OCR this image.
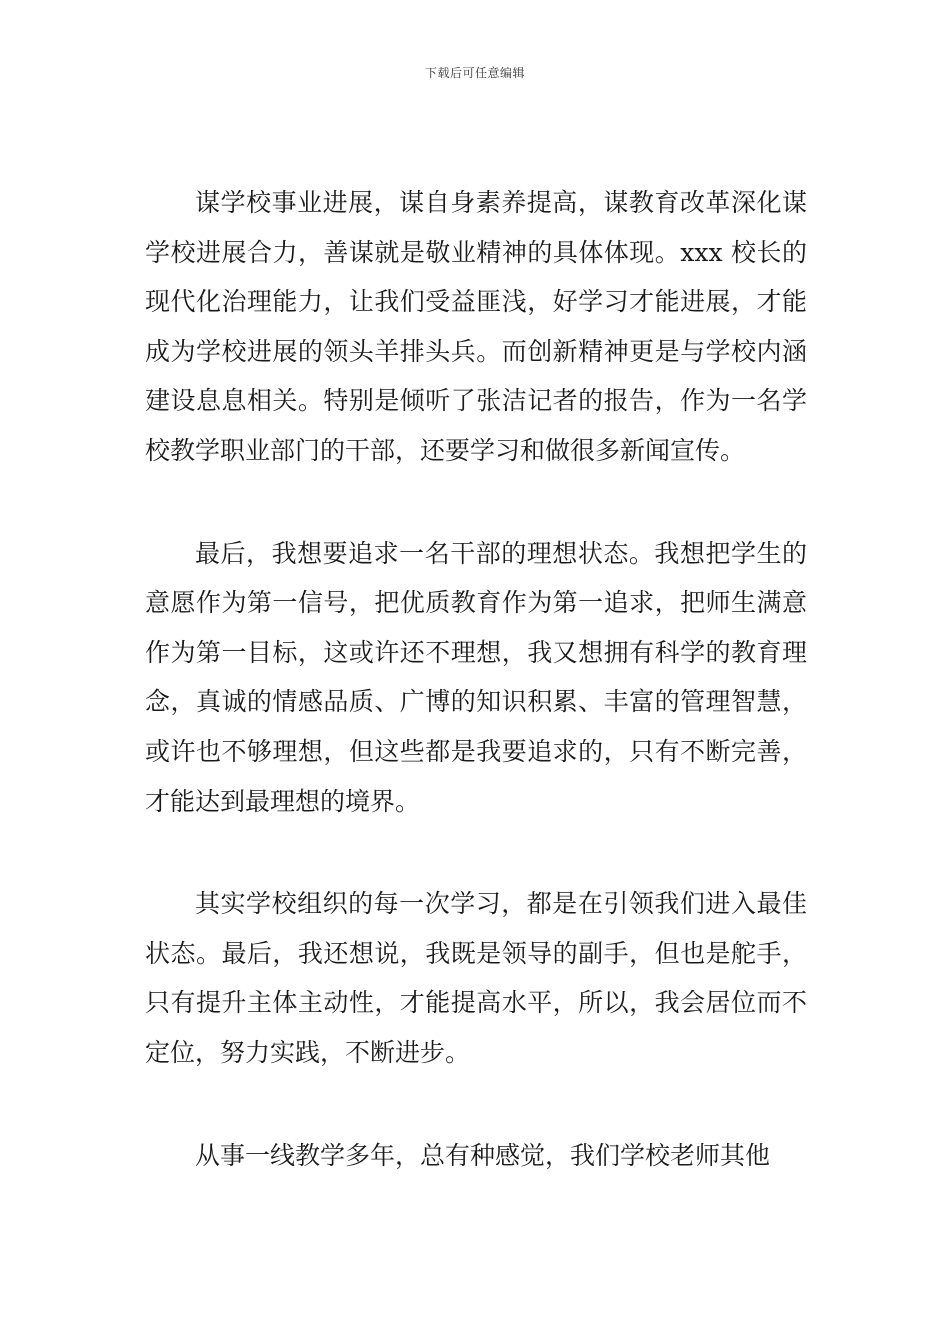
下载后可任意编辑

谋学校事业进展，谋自身素养提高，谋教育改革深化谋学校进展合力，善谋就是敬业精神的具体体现。xxx 校长的现代化治理能力，让我们受益匪浅，好学习才能进展，才能成为学校进展的领头羊排头兵。而创新精神更是与学校内涵建设息息相关。特别是倾听了张洁记者的报告，作为一名学校教学职业部门的干部，还要学习和做很多新闻宣传。

最后，我想要追求一名干部的理想状态。我想把学生的意愿作为第一信号，把优质教育作为第一追求，把师生满意作为第一目标，这或许还不理想，我又想拥有科学的教育理念，真诚的情感品质、广博的知识积累、丰富的管理智慧，或许也不够理想，但这些都是我要追求的，只有不断完善，才能达到最理想的境界。

其实学校组织的每一次学习，都是在引领我们进入最佳状态。最后，我还想说，我既是领导的副手，但也是舵手，只有提升主体主动性，才能提高水平，所以，我会居位而不定位，努力实践，不断进步。

从事一线教学多年，总有种感觉，我们学校老师其他
